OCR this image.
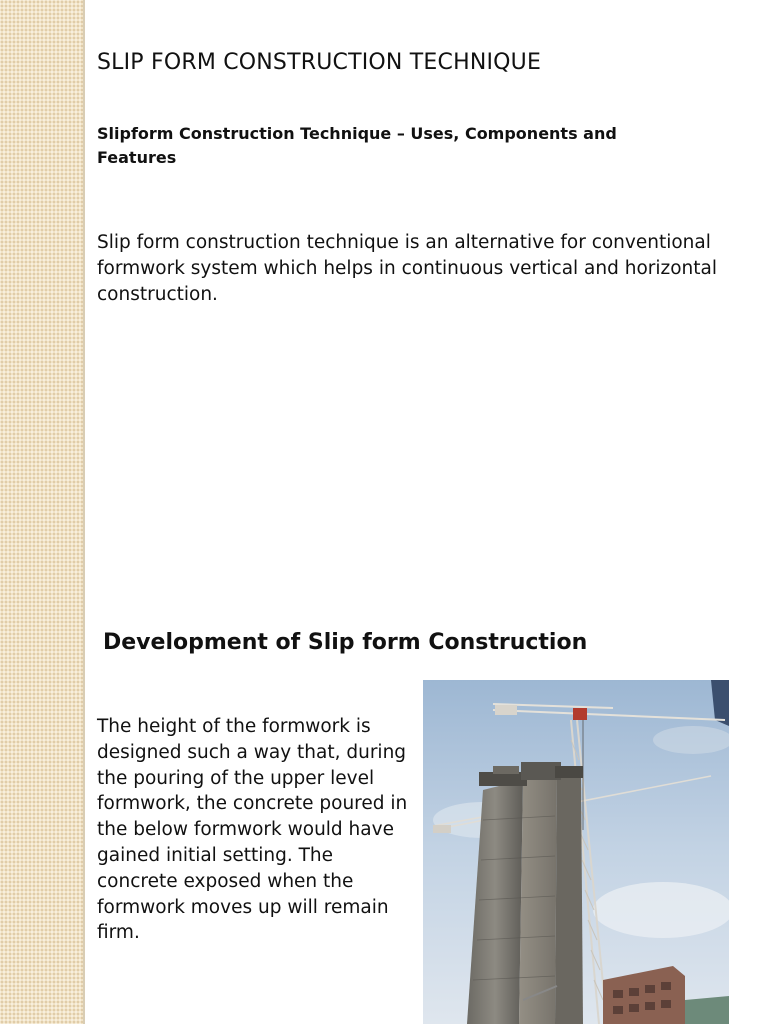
SLIP FORM CONSTRUCTION TECHNIQUE
Slipform Construction Technique – Uses, Components and Features
Slip form construction technique is an alternative for conventional formwork system which helps in continuous vertical and horizontal construction.
Development of Slip form Construction
The height of the formwork is designed such a way that, during the pouring of the upper level formwork, the concrete poured in the below formwork would have gained initial setting. The concrete exposed when the formwork moves up will remain firm.
